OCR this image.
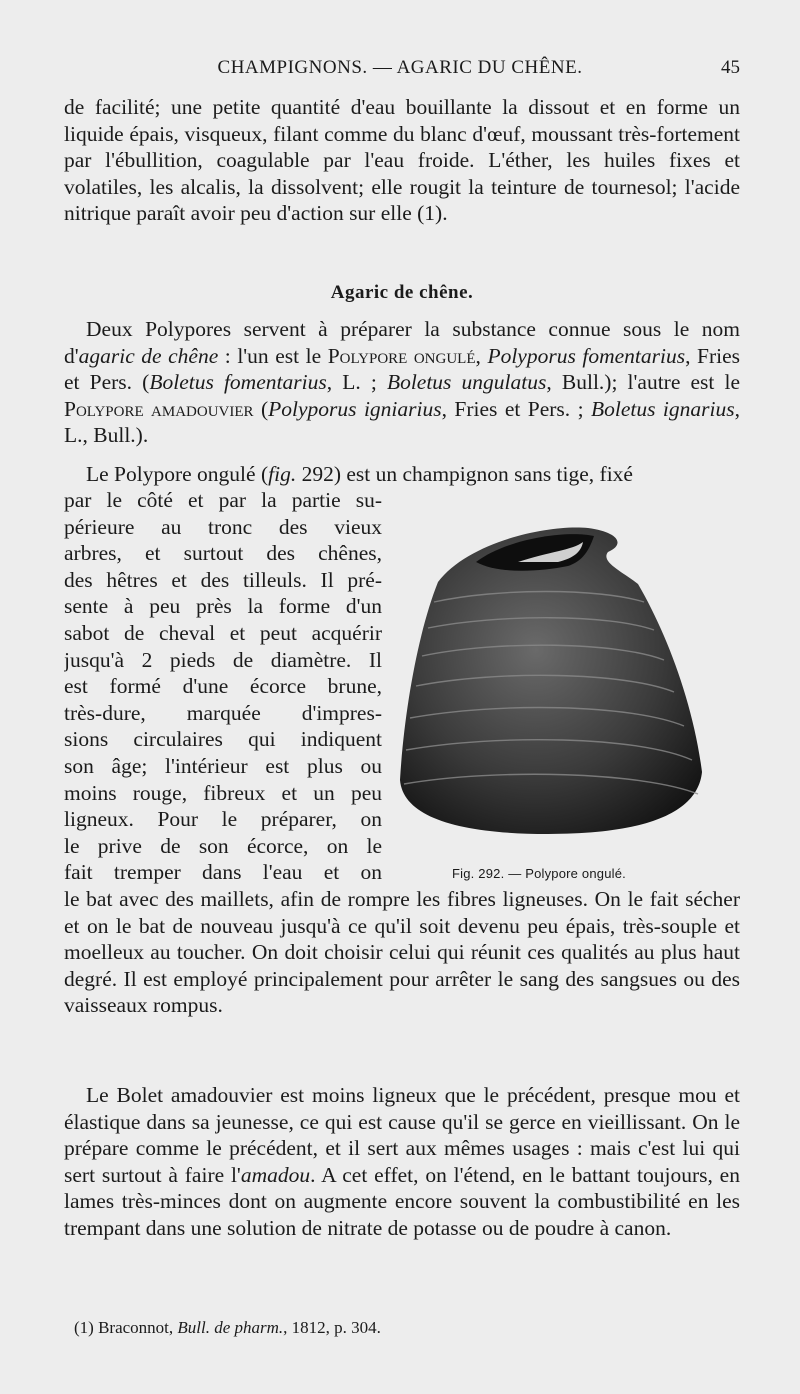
CHAMPIGNONS. — AGARIC DU CHÊNE.	45
de facilité; une petite quantité d'eau bouillante la dissout et en forme un liquide épais, visqueux, filant comme du blanc d'œuf, moussant très-fortement par l'ébullition, coagulable par l'eau froide. L'éther, les huiles fixes et volatiles, les alcalis, la dissolvent; elle rougit la teinture de tournesol; l'acide nitrique paraît avoir peu d'action sur elle (1).
Agaric de chêne.
Deux Polypores servent à préparer la substance connue sous le nom d'agaric de chêne : l'un est le Polypore ongulé, Polyporus fomentarius, Fries et Pers. (Boletus fomentarius, L. ; Boletus ungulatus, Bull.); l'autre est le Polypore amadouvier (Polyporus igniarius, Fries et Pers. ; Boletus ignarius, L., Bull.).
Le Polypore ongulé (fig. 292) est un champignon sans tige, fixé
par le côté et par la partie su-
périeure au tronc des vieux
arbres, et surtout des chênes,
des hêtres et des tilleuls. Il pré-
sente à peu près la forme d'un
sabot de cheval et peut acquérir
jusqu'à 2 pieds de diamètre. Il
est formé d'une écorce brune,
très-dure, marquée d'impres-
sions circulaires qui indiquent
son âge; l'intérieur est plus ou
moins rouge, fibreux et un peu
ligneux. Pour le préparer, on
le prive de son écorce, on le
fait tremper dans l'eau et on	Fig. 292. — Polypore ongulé.
le bat avec des maillets, afin de rompre les fibres ligneuses. On le fait sécher et on le bat de nouveau jusqu'à ce qu'il soit devenu peu épais, très-souple et moelleux au toucher. On doit choisir celui qui réunit ces qualités au plus haut degré. Il est employé principalement pour arrêter le sang des sangsues ou des vaisseaux rompus.
Le Bolet amadouvier est moins ligneux que le précédent, presque mou et élastique dans sa jeunesse, ce qui est cause qu'il se gerce en vieillissant. On le prépare comme le précédent, et il sert aux mêmes usages : mais c'est lui qui sert surtout à faire l'amadou. A cet effet, on l'étend, en le battant toujours, en lames très-minces dont on augmente encore souvent la combustibilité en les trempant dans une solution de nitrate de potasse ou de poudre à canon.
(1) Braconnot, Bull. de pharm., 1812, p. 304.
